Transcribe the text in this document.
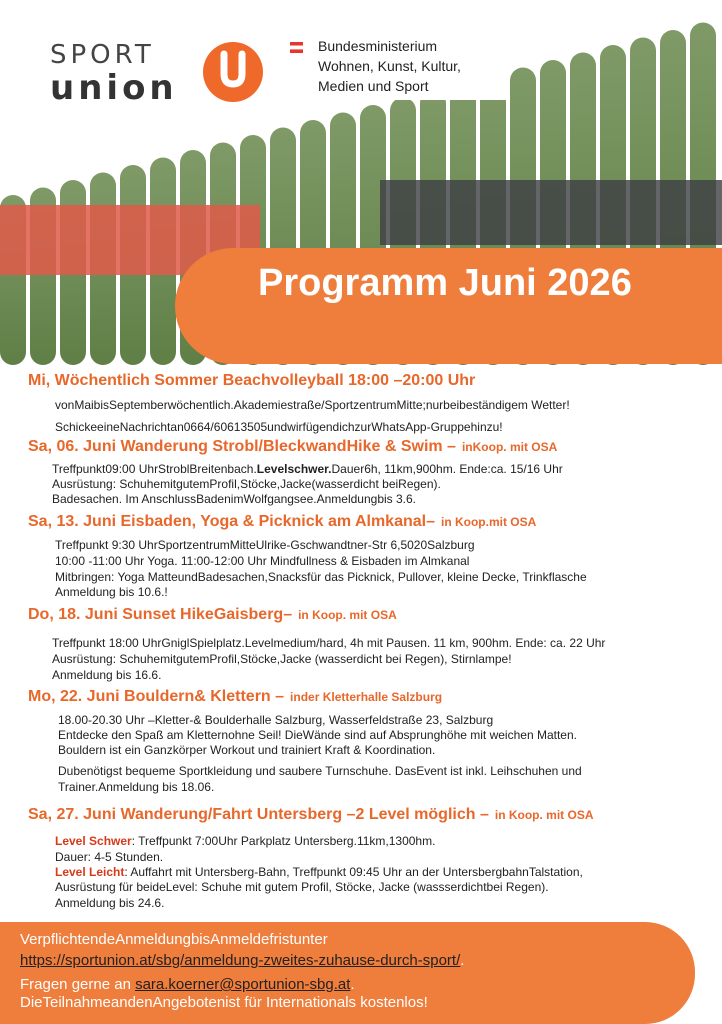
SPORT
union
Bundesministerium
Wohnen, Kunst, Kultur,
Medien und Sport
Programm Juni 2026
Mi, Wöchentlich Sommer Beachvolleyball 18:00 –20:00 Uhr
vonMaibisSeptemberwöchentlich.Akademiestraße/SportzentrumMitte;nurbeibeständigem Wetter!
SchickeeineNachrichtan0664/60613505undwirfügendichzurWhatsApp-Gruppehinzu!
Sa, 06. Juni Wanderung Strobl/BleckwandHike & Swim – inKoop. mit OSA
Treffpunkt09:00 UhrStroblBreitenbach.Levelschwer.Dauer6h, 11km,900hm. Ende:ca. 15/16 Uhr
Ausrüstung: SchuhemitgutemProfil,Stöcke,Jacke(wasserdicht beiRegen).
Badesachen. Im AnschlussBadenimWolfgangsee.Anmeldungbis 3.6.
Sa, 13. Juni Eisbaden, Yoga & Picknick am Almkanal– in Koop.mit OSA
Treffpunkt 9:30 UhrSportzentrumMitteUlrike-Gschwandtner-Str 6,5020Salzburg
10:00 -11:00 Uhr Yoga. 11:00-12:00 Uhr Mindfullness & Eisbaden im Almkanal
Mitbringen: Yoga MatteundBadesachen,Snacksfür das Picknick, Pullover, kleine Decke, Trinkflasche
Anmeldung bis 10.6.!
Do, 18. Juni Sunset HikeGaisberg– in Koop. mit OSA
Treffpunkt 18:00 UhrGniglSpielplatz.Levelmedium/hard, 4h mit Pausen. 11 km, 900hm. Ende: ca. 22 Uhr
Ausrüstung: SchuhemitgutemProfil,Stöcke,Jacke (wasserdicht bei Regen), Stirnlampe!
Anmeldung bis 16.6.
Mo, 22. Juni Bouldern& Klettern – inder Kletterhalle Salzburg
18.00-20.30 Uhr –Kletter-& Boulderhalle Salzburg, Wasserfeldstraße 23, Salzburg
Entdecke den Spaß am Kletternohne Seil! DieWände sind auf Absprunghöhe mit weichen Matten.
Bouldern ist ein Ganzkörper Workout und trainiert Kraft & Koordination.
Dubenötigst bequeme Sportkleidung und saubere Turnschuhe. DasEvent ist inkl. Leihschuhen und
Trainer.Anmeldung bis 18.06.
Sa, 27. Juni Wanderung/Fahrt Untersberg –2 Level möglich – in Koop. mit OSA
Level Schwer: Treffpunkt 7:00Uhr Parkplatz Untersberg.11km,1300hm.
Dauer: 4-5 Stunden.
Level Leicht: Auffahrt mit Untersberg-Bahn, Treffpunkt 09:45 Uhr an der UntersbergbahnTalstation,
Ausrüstung für beideLevel: Schuhe mit gutem Profil, Stöcke, Jacke (wassserdichtbei Regen).
Anmeldung bis 24.6.
VerpflichtendeAnmeldungbisAnmeldefristunter
https://sportunion.at/sbg/anmeldung-zweites-zuhause-durch-sport/.
Fragen gerne an sara.koerner@sportunion-sbg.at.
DieTeilnahmeandenAngebotenist für Internationals kostenlos!
